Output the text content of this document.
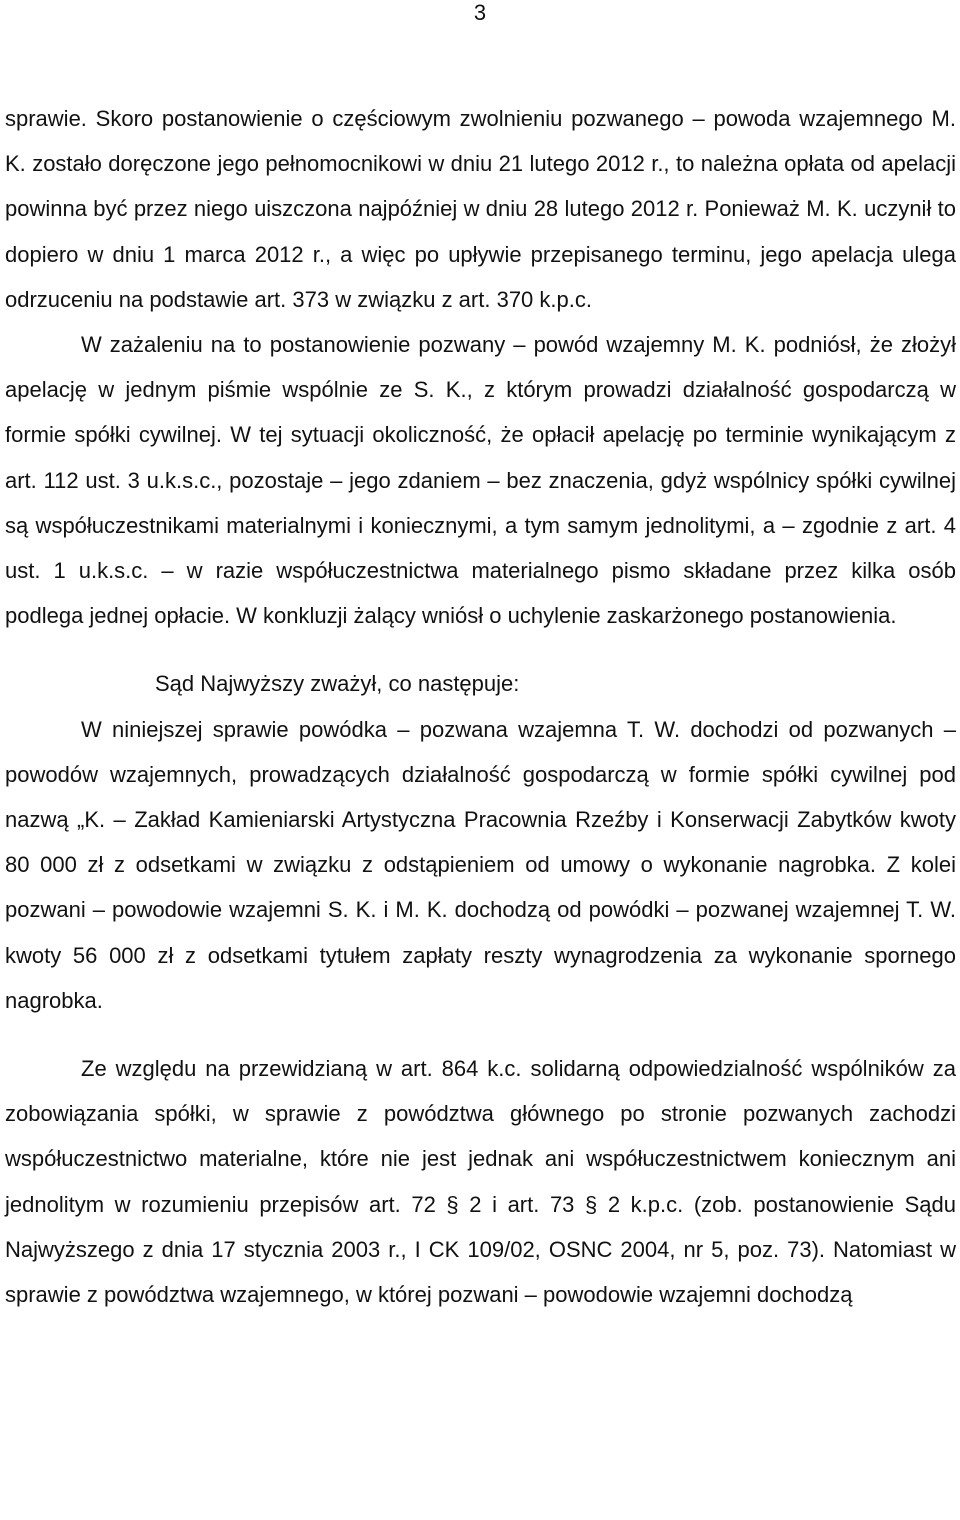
3

sprawie. Skoro postanowienie o częściowym zwolnieniu pozwanego – powoda wzajemnego M. K. zostało doręczone jego pełnomocnikowi w dniu 21 lutego 2012 r., to należna opłata od apelacji powinna być przez niego uiszczona najpóźniej w dniu 28 lutego 2012 r. Ponieważ M. K. uczynił to dopiero w dniu 1 marca 2012 r., a więc po upływie przepisanego terminu, jego apelacja ulega odrzuceniu na podstawie art. 373 w związku z art. 370 k.p.c.

W zażaleniu na to postanowienie pozwany – powód wzajemny M. K. podniósł, że złożył apelację w jednym piśmie wspólnie ze S. K., z którym prowadzi działalność gospodarczą w formie spółki cywilnej. W tej sytuacji okoliczność, że opłacił apelację po terminie wynikającym z art. 112 ust. 3 u.k.s.c., pozostaje – jego zdaniem – bez znaczenia, gdyż wspólnicy spółki cywilnej są współuczestnikami materialnymi i koniecznymi, a tym samym jednolitymi, a – zgodnie z art. 4 ust. 1 u.k.s.c. – w razie współuczestnictwa materialnego pismo składane przez kilka osób podlega jednej opłacie. W konkluzji żalący wniósł o uchylenie zaskarżonego postanowienia.

Sąd Najwyższy zważył, co następuje:

W niniejszej sprawie powódka – pozwana wzajemna T. W. dochodzi od pozwanych – powodów wzajemnych, prowadzących działalność gospodarczą w formie spółki cywilnej pod nazwą „K. – Zakład Kamieniarski Artystyczna Pracownia Rzeźby i Konserwacji Zabytków kwoty 80 000 zł z odsetkami w związku z odstąpieniem od umowy o wykonanie nagrobka. Z kolei pozwani – powodowie wzajemni S. K. i M. K. dochodzą od powódki – pozwanej wzajemnej T. W. kwoty 56 000 zł z odsetkami tytułem zapłaty reszty wynagrodzenia za wykonanie spornego nagrobka.

Ze względu na przewidzianą w art. 864 k.c. solidarną odpowiedzialność wspólników za zobowiązania spółki, w sprawie z powództwa głównego po stronie pozwanych zachodzi współuczestnictwo materialne, które nie jest jednak ani współuczestnictwem koniecznym ani jednolitym w rozumieniu przepisów art. 72 § 2 i art. 73 § 2 k.p.c. (zob. postanowienie Sądu Najwyższego z dnia 17 stycznia 2003 r., I CK 109/02, OSNC 2004, nr 5, poz. 73). Natomiast w sprawie z powództwa wzajemnego, w której pozwani – powodowie wzajemni dochodzą
